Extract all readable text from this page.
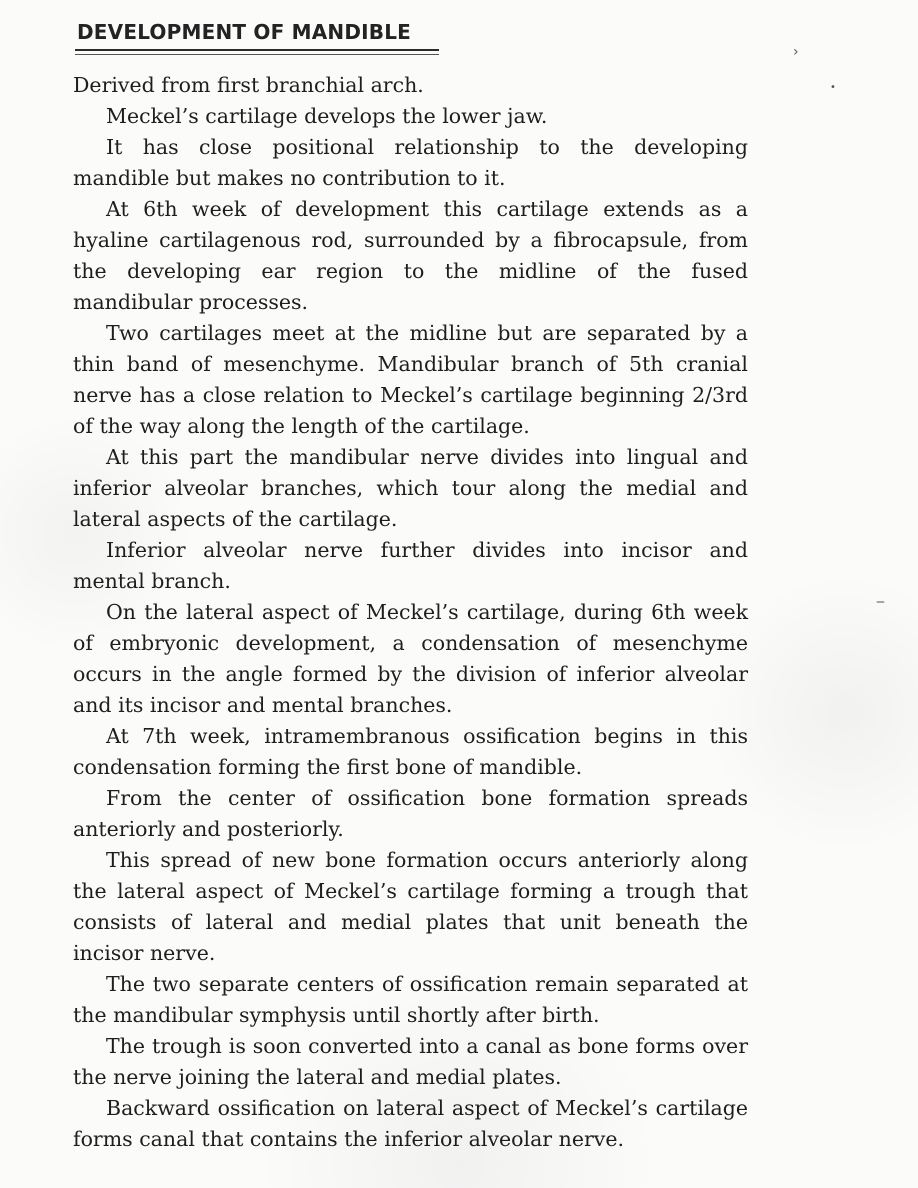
DEVELOPMENT OF MANDIBLE

Derived from first branchial arch.

Meckel’s cartilage develops the lower jaw.

It has close positional relationship to the developing mandible but makes no contribution to it.

At 6th week of development this cartilage extends as a hyaline cartilagenous rod, surrounded by a fibrocapsule, from the developing ear region to the midline of the fused mandibular processes.

Two cartilages meet at the midline but are separated by a thin band of mesenchyme. Mandibular branch of 5th cranial nerve has a close relation to Meckel’s cartilage beginning 2/3rd of the way along the length of the cartilage.

At this part the mandibular nerve divides into lingual and inferior alveolar branches, which tour along the medial and lateral aspects of the cartilage.

Inferior alveolar nerve further divides into incisor and mental branch.

On the lateral aspect of Meckel’s cartilage, during 6th week of embryonic development, a condensation of mesenchyme occurs in the angle formed by the division of inferior alveolar and its incisor and mental branches.

At 7th week, intramembranous ossification begins in this condensation forming the first bone of mandible.

From the center of ossification bone formation spreads anteriorly and posteriorly.

This spread of new bone formation occurs anteriorly along the lateral aspect of Meckel’s cartilage forming a trough that consists of lateral and medial plates that unit beneath the incisor nerve.

The two separate centers of ossification remain separated at the mandibular symphysis until shortly after birth.

The trough is soon converted into a canal as bone forms over the nerve joining the lateral and medial plates.

Backward ossification on lateral aspect of Meckel’s cartilage forms canal that contains the inferior alveolar nerve.

›
•
‒
